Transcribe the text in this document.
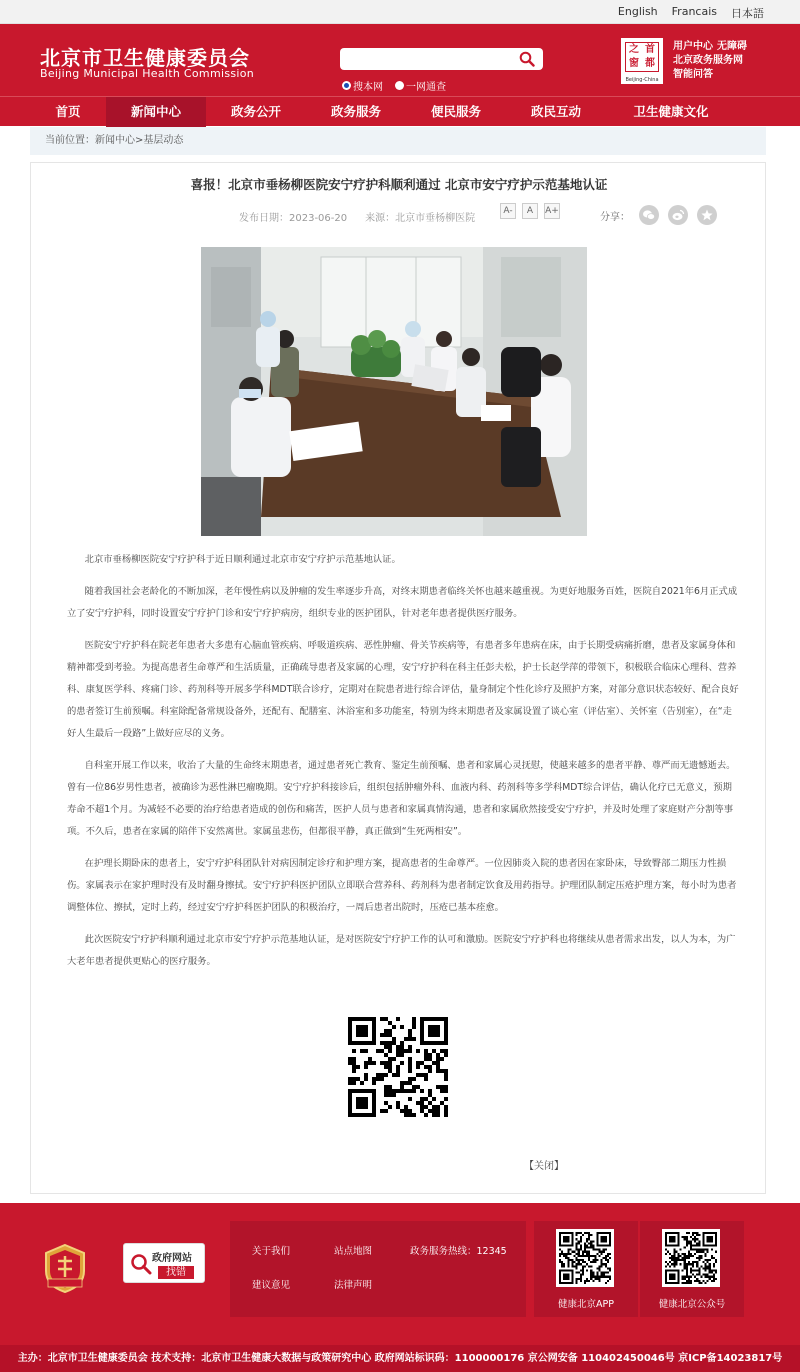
English Francais 日本語
北京市卫生健康委员会
Beijing Municipal Health Commission
搜本网 一网通查
之 首
窗 都
Beijing-China
用户中心 无障碍
北京政务服务网
智能问答
首页	新闻中心	政务公开	政务服务	便民服务	政民互动	卫生健康文化
当前位置：新闻中心>基层动态
喜报！北京市垂杨柳医院安宁疗护科顺利通过 北京市安宁疗护示范基地认证
发布日期：2023-06-20 来源：北京市垂杨柳医院
A-	A	A+
分享：

北京市垂杨柳医院安宁疗护科于近日顺利通过北京市安宁疗护示范基地认证。

随着我国社会老龄化的不断加深，老年慢性病以及肿瘤的发生率逐步升高，对终末期患者临终关怀也越来越重视。为更好地服务百姓，医院自2021年6月正式成立了安宁疗护科，同时设置安宁疗护门诊和安宁疗护病房，组织专业的医护团队，针对老年患者提供医疗服务。

医院安宁疗护科在院老年患者大多患有心脑血管疾病、呼吸道疾病、恶性肿瘤、骨关节疾病等，有患者多年患病在床，由于长期受病痛折磨，患者及家属身体和精神都受到考验。为提高患者生命尊严和生活质量，正确疏导患者及家属的心理，安宁疗护科在科主任彭夫松，护士长赵学萍的带领下，积极联合临床心理科、营养科、康复医学科、疼痛门诊、药剂科等开展多学科MDT联合诊疗，定期对在院患者进行综合评估，量身制定个性化诊疗及照护方案，对部分意识状态较好、配合良好的患者签订生前预嘱。科室除配备常规设备外，还配有、配膳室、沐浴室和多功能室，特别为终末期患者及家属设置了谈心室（评估室）、关怀室（告别室），在“走好人生最后一段路”上做好应尽的义务。

自科室开展工作以来，收治了大量的生命终末期患者，通过患者死亡教育、鉴定生前预嘱、患者和家属心灵抚慰，使越来越多的患者平静、尊严而无遗憾逝去。曾有一位86岁男性患者，被确诊为恶性淋巴瘤晚期。安宁疗护科接诊后，组织包括肿瘤外科、血液内科、药剂科等多学科MDT综合评估，确认化疗已无意义，预期寿命不超1个月。为减轻不必要的治疗给患者造成的创伤和痛苦，医护人员与患者和家属真情沟通，患者和家属欣然接受安宁疗护，并及时处理了家庭财产分割等事项。不久后，患者在家属的陪伴下安然离世。家属虽悲伤，但都很平静，真正做到“生死两相安”。

在护理长期卧床的患者上，安宁疗护科团队针对病因制定诊疗和护理方案，提高患者的生命尊严。一位因肺炎入院的患者因在家卧床，导致臀部二期压力性损伤。家属表示在家护理时没有及时翻身擦拭。安宁疗护科医护团队立即联合营养科、药剂科为患者制定饮食及用药指导。护理团队制定压疮护理方案，每小时为患者调整体位、擦拭，定时上药，经过安宁疗护科医护团队的积极治疗，一周后患者出院时，压疮已基本痊愈。

此次医院安宁疗护科顺利通过北京市安宁疗护示范基地认证，是对医院安宁疗护工作的认可和激励。医院安宁疗护科也将继续从患者需求出发，以人为本，为广大老年患者提供更贴心的医疗服务。

【关闭】
政府网站
找错
关于我们	站点地图	政务服务热线：12345
建议意见	法律声明
健康北京APP	健康北京公众号
主办：北京市卫生健康委员会 技术支持：北京市卫生健康大数据与政策研究中心 政府网站标识码：1100000176 京公网安备 11040245004​6号 京ICP备14023817号
